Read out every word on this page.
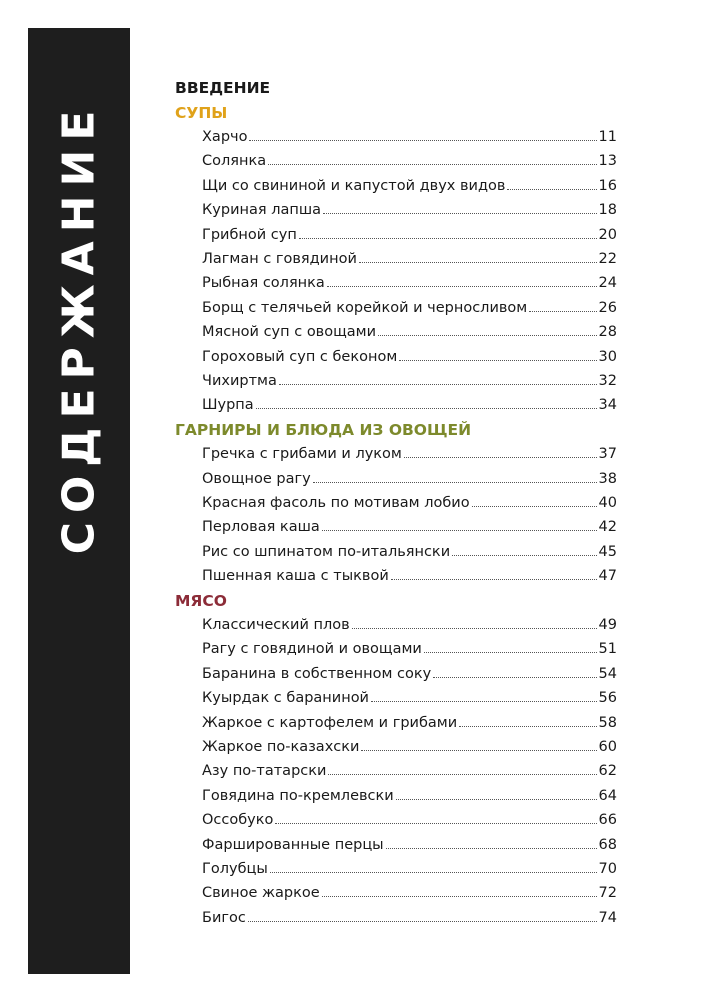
СОДЕРЖАНИЕ
ВВЕДЕНИЕ
СУПЫ
Харчо	11
Солянка	13
Щи со свининой и капустой двух видов	16
Куриная лапша	18
Грибной суп	20
Лагман с говядиной	22
Рыбная солянка	24
Борщ с телячьей корейкой и черносливом	26
Мясной суп с овощами	28
Гороховый суп с беконом	30
Чихиртма	32
Шурпа	34
ГАРНИРЫ И БЛЮДА ИЗ ОВОЩЕЙ
Гречка с грибами и луком	37
Овощное рагу	38
Красная фасоль по мотивам лобио	40
Перловая каша	42
Рис со шпинатом по-итальянски	45
Пшенная каша с тыквой	47
МЯСО
Классический плов	49
Рагу с говядиной и овощами	51
Баранина в собственном соку	54
Куырдак с бараниной	56
Жаркое с картофелем и грибами	58
Жаркое по-казахски	60
Азу по-татарски	62
Говядина по-кремлевски	64
Оссобуко	66
Фаршированные перцы	68
Голубцы	70
Свиное жаркое	72
Бигос	74
